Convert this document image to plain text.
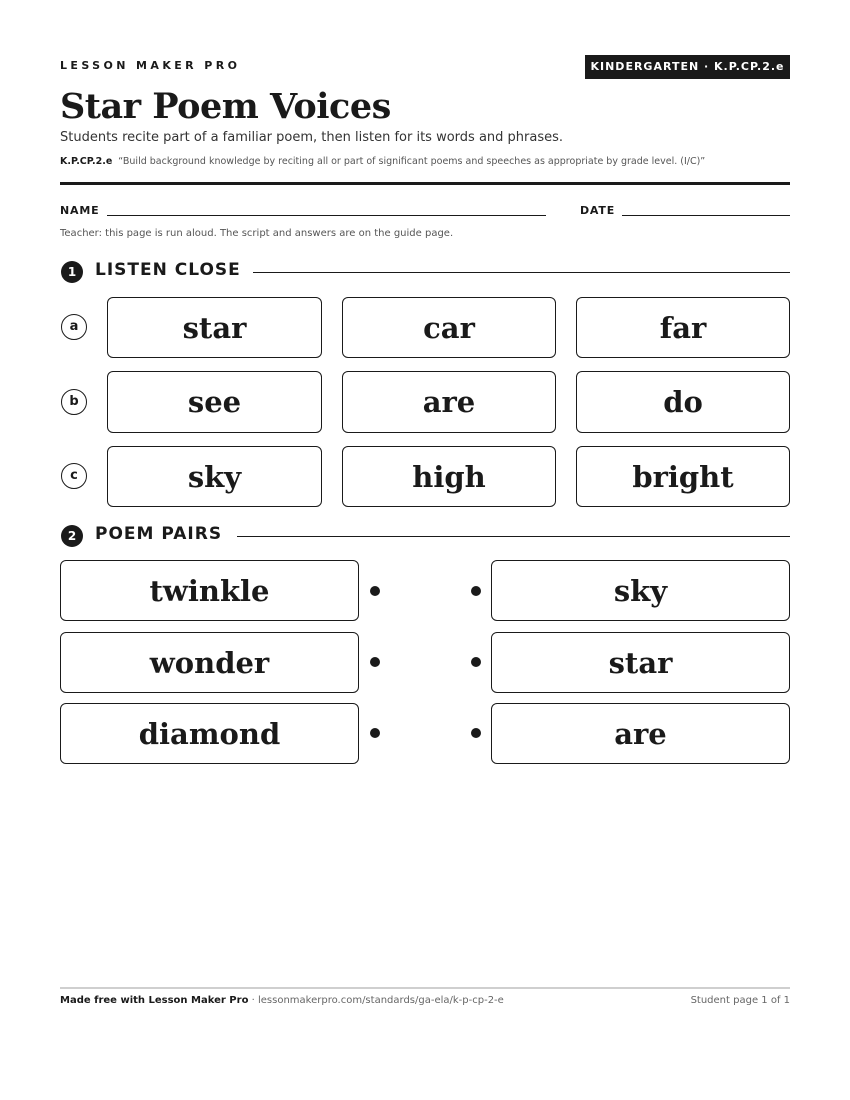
LESSON MAKER PRO	KINDERGARTEN · K.P.CP.2.e
Star Poem Voices
Students recite part of a familiar poem, then listen for its words and phrases.
K.P.CP.2.e “Build background knowledge by reciting all or part of significant poems and speeches as appropriate by grade level. (I/C)”
NAME	DATE
Teacher: this page is run aloud. The script and answers are on the guide page.
1	LISTEN CLOSE
a	star	car	far
b	see	are	do
c	sky	high	bright
2	POEM PAIRS
twinkle	sky
wonder	star
diamond	are
Made free with Lesson Maker Pro · lessonmakerpro.com/standards/ga-ela/k-p-cp-2-e	Student page 1 of 1
